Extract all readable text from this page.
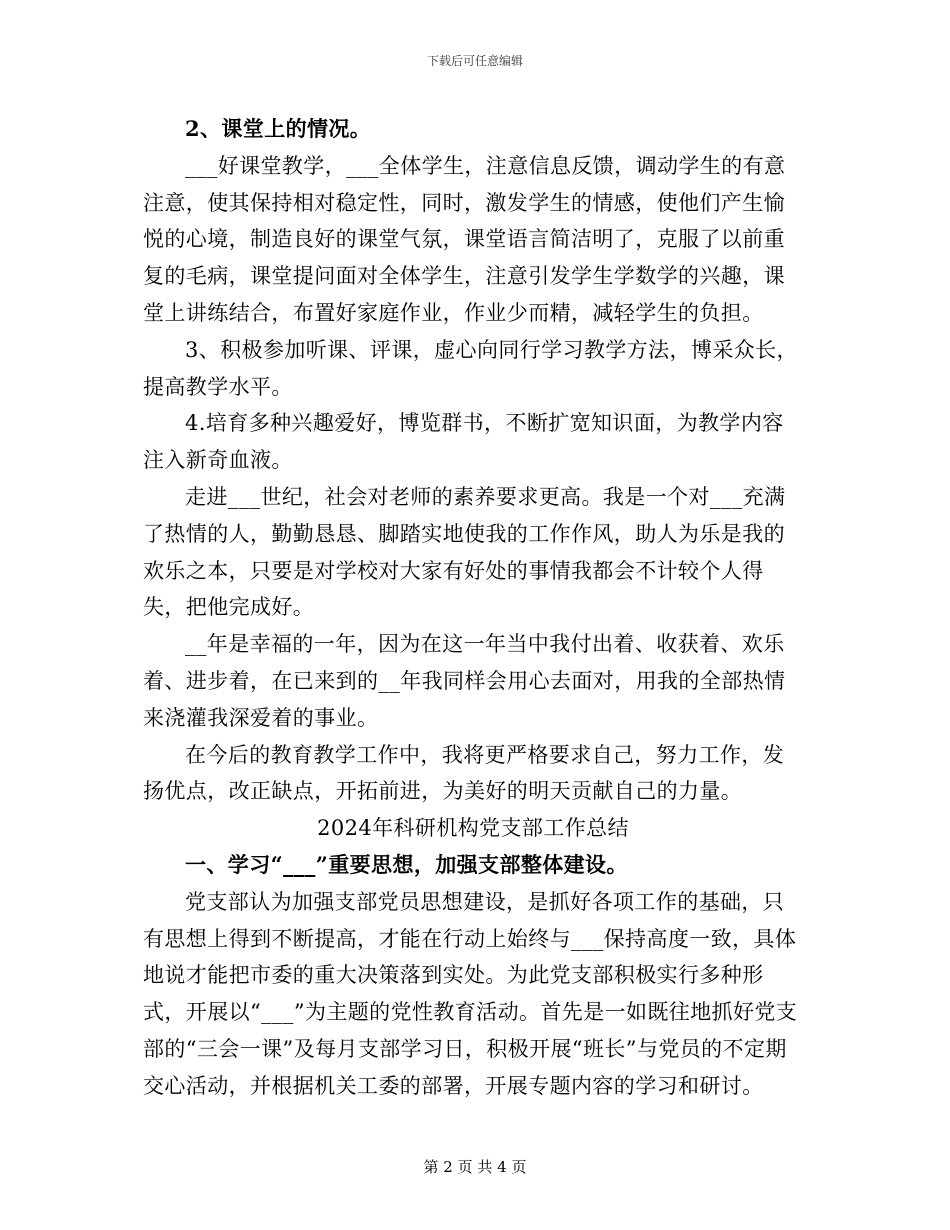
下载后可任意编辑

2、课堂上的情况。

___好课堂教学，___全体学生，注意信息反馈，调动学生的有意注意，使其保持相对稳定性，同时，激发学生的情感，使他们产生愉悦的心境，制造良好的课堂气氛，课堂语言简洁明了，克服了以前重复的毛病，课堂提问面对全体学生，注意引发学生学数学的兴趣，课堂上讲练结合，布置好家庭作业，作业少而精，减轻学生的负担。

3、积极参加听课、评课，虚心向同行学习教学方法，博采众长，提高教学水平。

4.培育多种兴趣爱好，博览群书，不断扩宽知识面，为教学内容注入新奇血液。

走进___世纪，社会对老师的素养要求更高。我是一个对___充满了热情的人，勤勤恳恳、脚踏实地使我的工作作风，助人为乐是我的欢乐之本，只要是对学校对大家有好处的事情我都会不计较个人得失，把他完成好。

__年是幸福的一年，因为在这一年当中我付出着、收获着、欢乐着、进步着，在已来到的__年我同样会用心去面对，用我的全部热情来浇灌我深爱着的事业。

在今后的教育教学工作中，我将更严格要求自己，努力工作，发扬优点，改正缺点，开拓前进，为美好的明天贡献自己的力量。

2024年科研机构党支部工作总结

一、学习“___”重要思想，加强支部整体建设。

党支部认为加强支部党员思想建设，是抓好各项工作的基础，只有思想上得到不断提高，才能在行动上始终与___保持高度一致，具体地说才能把市委的重大决策落到实处。为此党支部积极实行多种形式，开展以“___”为主题的党性教育活动。首先是一如既往地抓好党支部的“三会一课”及每月支部学习日，积极开展“班长”与党员的不定期交心活动，并根据机关工委的部署，开展专题内容的学习和研讨。

第 2 页 共 4 页
